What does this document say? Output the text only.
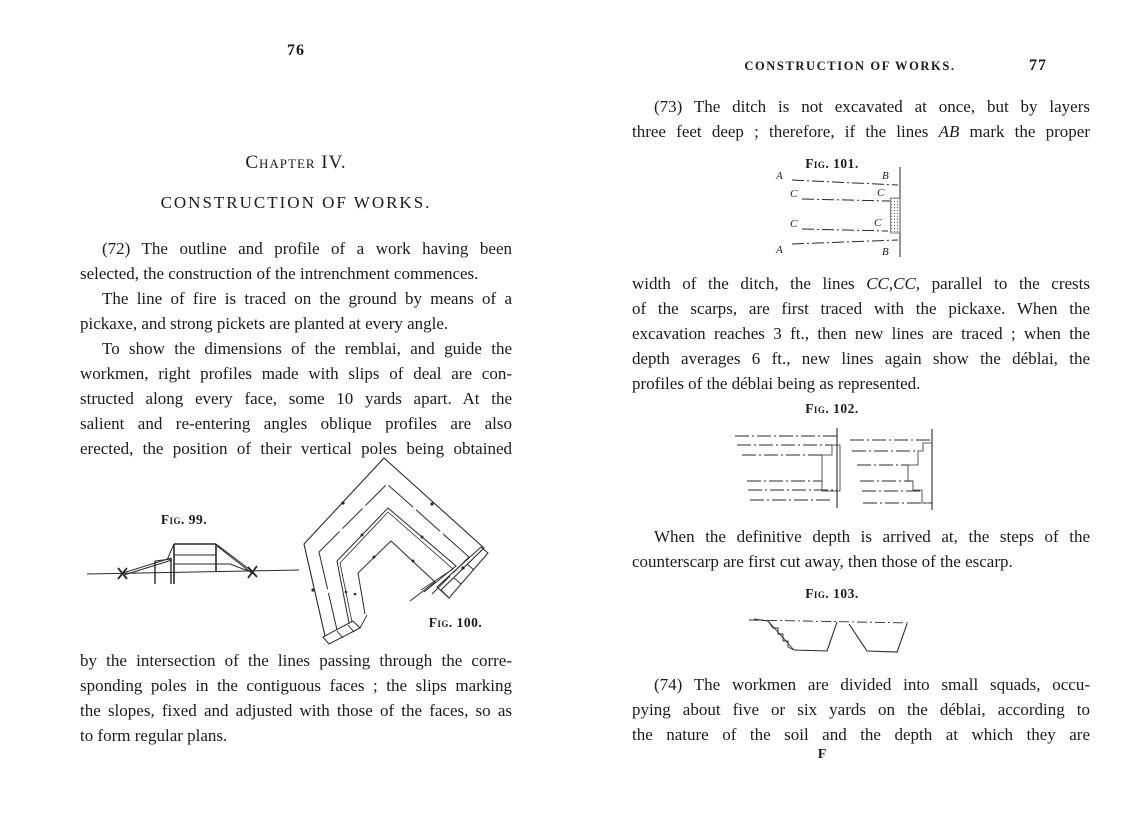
76
Chapter IV.
CONSTRUCTION OF WORKS.
(72) The outline and profile of a work having been
selected, the construction of the intrenchment commences.
The line of fire is traced on the ground by means of a
pickaxe, and strong pickets are planted at every angle.
To show the dimensions of the remblai, and guide the
workmen, right profiles made with slips of deal are con-
structed along every face, some 10 yards apart. At the
salient and re-entering angles oblique profiles are also
erected, the position of their vertical poles being obtained
Fig. 99.
Fig. 100.
by the intersection of the lines passing through the corre-
sponding poles in the contiguous faces ; the slips marking
the slopes, fixed and adjusted with those of the faces, so as
to form regular plans.
CONSTRUCTION OF WORKS.	77
(73) The ditch is not excavated at once, but by layers
three feet deep ; therefore, if the lines AB mark the proper
Fig. 101.
A	B
C	C
C	C
A	B
width of the ditch, the lines CC,CC, parallel to the crests
of the scarps, are first traced with the pickaxe. When the
excavation reaches 3 ft., then new lines are traced ; when the
depth averages 6 ft., new lines again show the déblai, the
profiles of the déblai being as represented.
Fig. 102.
When the definitive depth is arrived at, the steps of the
counterscarp are first cut away, then those of the escarp.
Fig. 103.
(74) The workmen are divided into small squads, occu-
pying about five or six yards on the déblai, according to
the nature of the soil and the depth at which they are
F
